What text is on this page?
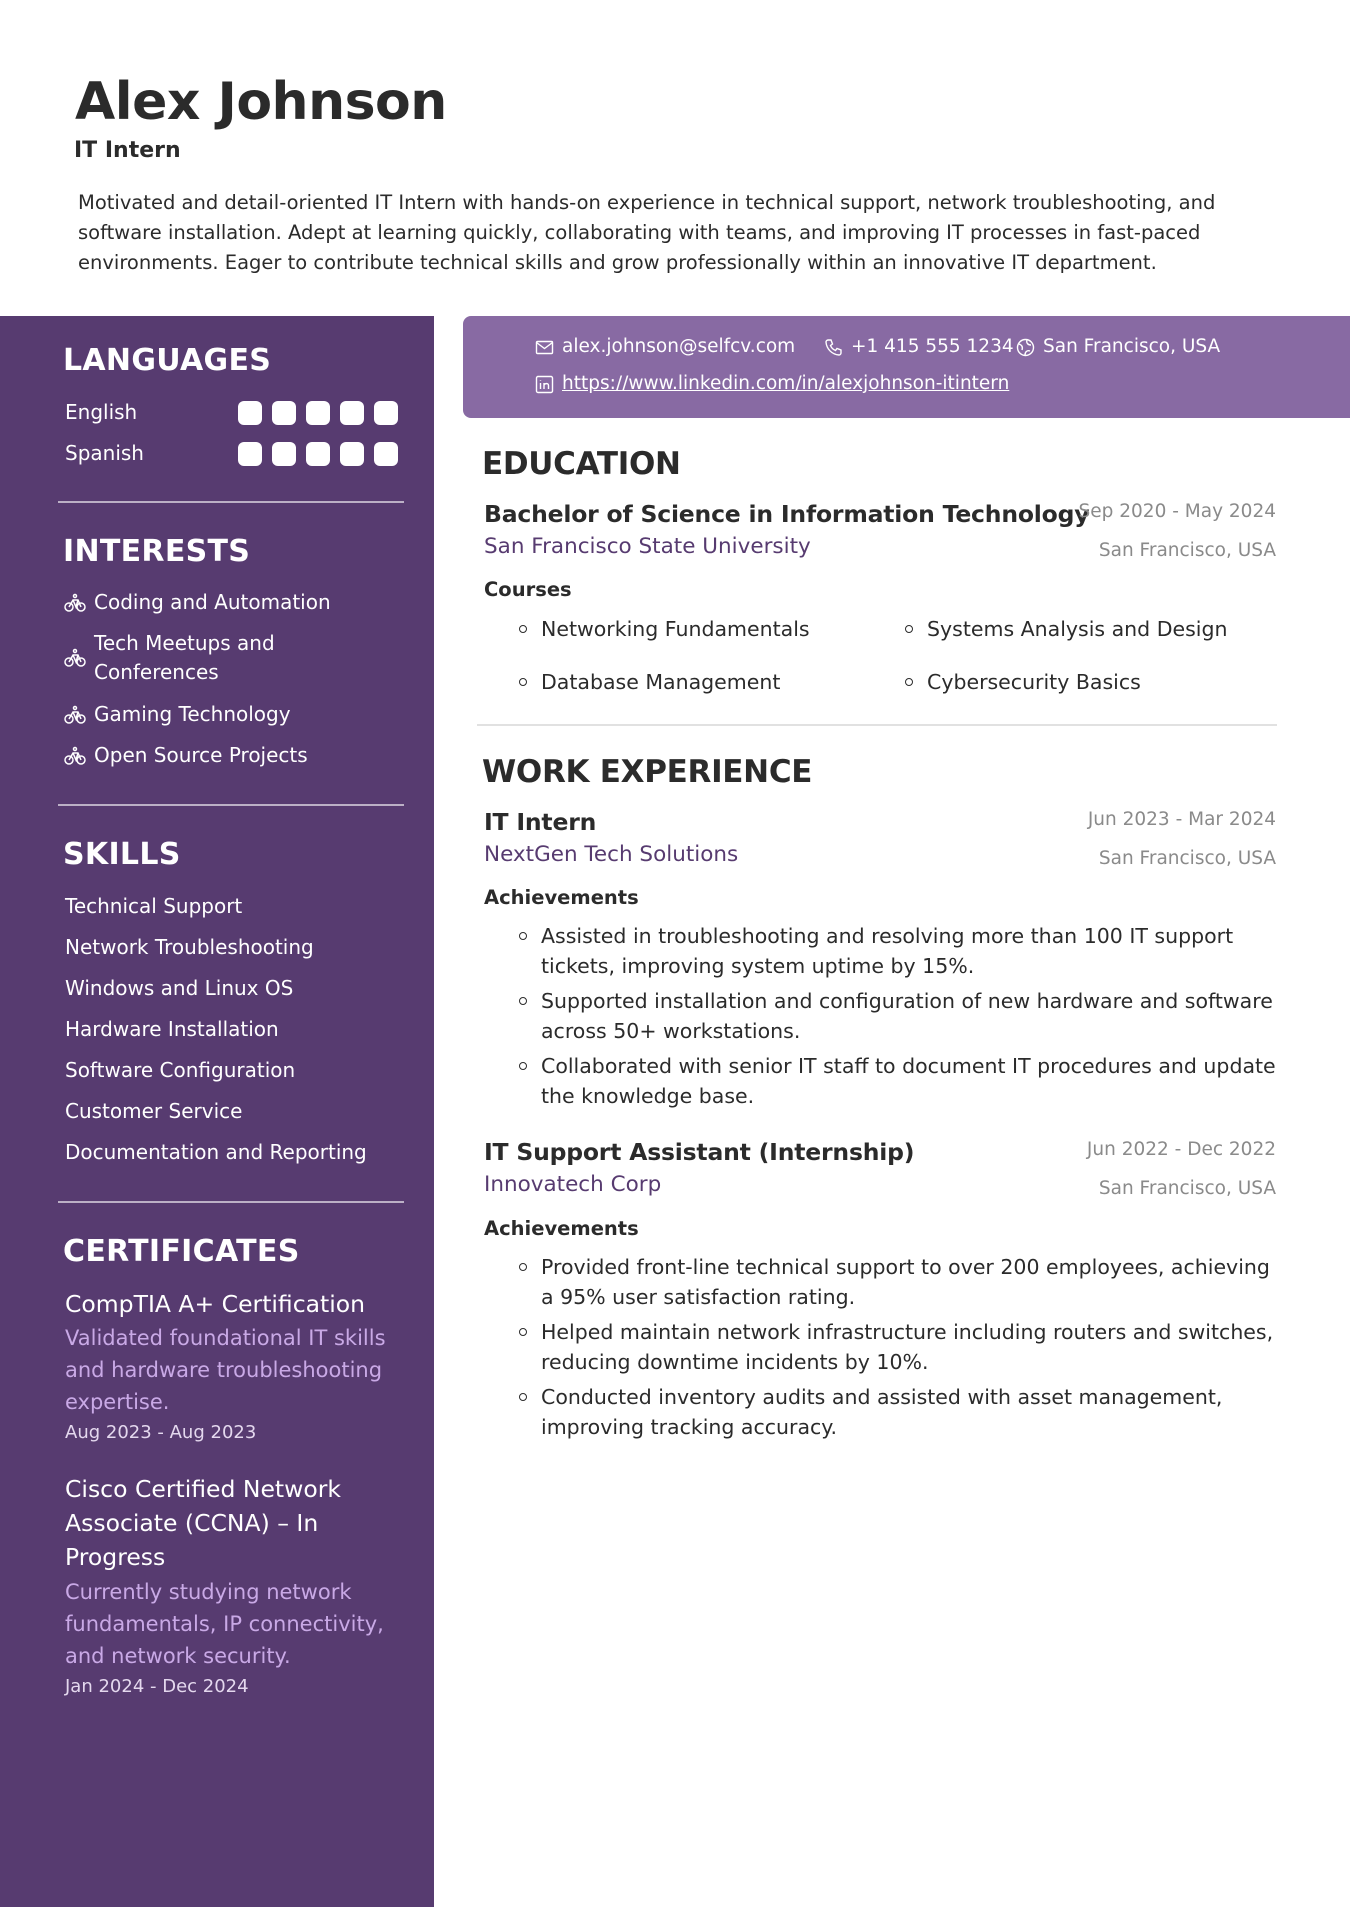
Alex Johnson
IT Intern
Motivated and detail-oriented IT Intern with hands-on experience in technical support, network troubleshooting, and software installation. Adept at learning quickly, collaborating with teams, and improving IT processes in fast-paced environments. Eager to contribute technical skills and grow professionally within an innovative IT department.
LANGUAGES
English
Spanish
INTERESTS
Coding and Automation
Tech Meetups and Conferences
Gaming Technology
Open Source Projects
SKILLS
Technical Support
Network Troubleshooting
Windows and Linux OS
Hardware Installation
Software Configuration
Customer Service
Documentation and Reporting
CERTIFICATES
CompTIA A+ Certification
Validated foundational IT skills and hardware troubleshooting expertise.
Aug 2023 - Aug 2023
Cisco Certified Network Associate (CCNA) – In Progress
Currently studying network fundamentals, IP connectivity, and network security.
Jan 2024 - Dec 2024
alex.johnson@selfcv.com	+1 415 555 1234 San Francisco, USA
https://www.linkedin.com/in/alexjohnson-itintern
EDUCATION
Bachelor of Science in Information Technology
Sep 2020 - May 2024
San Francisco State University	San Francisco, USA
Courses
Networking Fundamentals	Systems Analysis and Design
Database Management	Cybersecurity Basics
WORK EXPERIENCE
IT Intern	Jun 2023 - Mar 2024
NextGen Tech Solutions	San Francisco, USA
Achievements
Assisted in troubleshooting and resolving more than 100 IT support tickets, improving system uptime by 15%.
Supported installation and configuration of new hardware and software across 50+ workstations.
Collaborated with senior IT staff to document IT procedures and update the knowledge base.
IT Support Assistant (Internship)	Jun 2022 - Dec 2022
Innovatech Corp	San Francisco, USA
Achievements
Provided front-line technical support to over 200 employees, achieving a 95% user satisfaction rating.
Helped maintain network infrastructure including routers and switches, reducing downtime incidents by 10%.
Conducted inventory audits and assisted with asset management, improving tracking accuracy.
